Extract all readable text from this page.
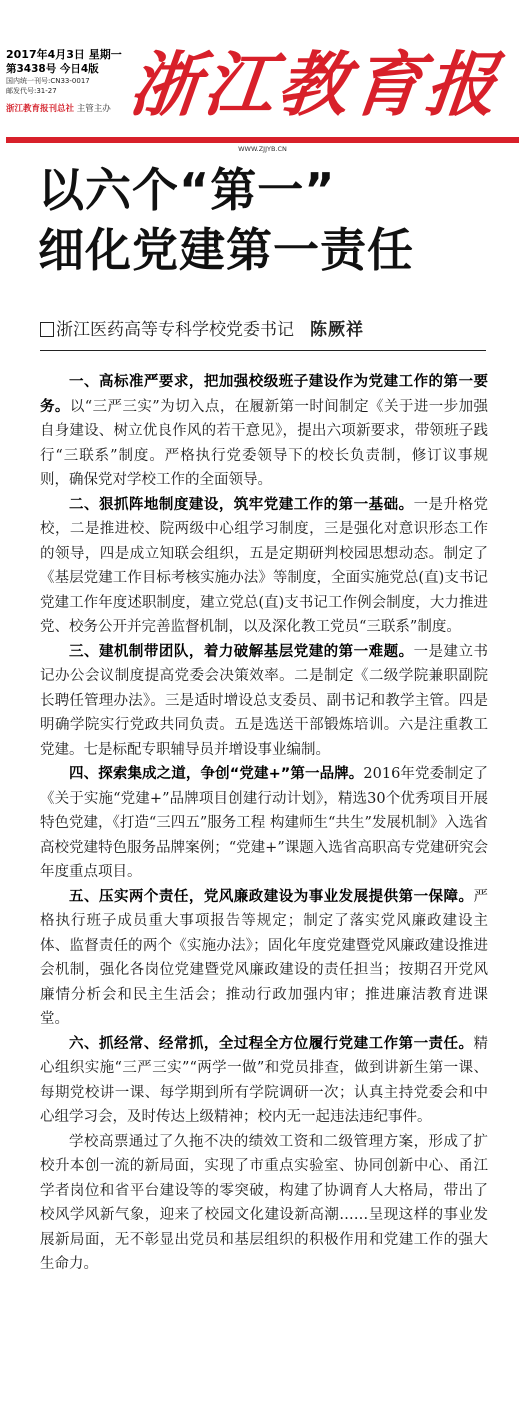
2017年4月3日 星期一
第3438号 今日4版
国内统一刊号:CN33-0017
邮发代号:31-27
浙江教育报刊总社 主管主办 浙江教育报
WWW.ZJJYB.CN
以六个“第一”
细化党建第一责任
浙江医药高等专科学校党委书记 陈厥祥

一、高标准严要求，把加强校级班子建设作为党建工作的第一要务。以“三严三实”为切入点，在履新第一时间制定《关于进一步加强自身建设、树立优良作风的若干意见》，提出六项新要求，带领班子践行“三联系”制度。严格执行党委领导下的校长负责制，修订议事规则，确保党对学校工作的全面领导。

二、狠抓阵地制度建设，筑牢党建工作的第一基础。一是升格党校，二是推进校、院两级中心组学习制度，三是强化对意识形态工作的领导，四是成立知联会组织，五是定期研判校园思想动态。制定了《基层党建工作目标考核实施办法》等制度，全面实施党总(直)支书记党建工作年度述职制度，建立党总(直)支书记工作例会制度，大力推进党、校务公开并完善监督机制，以及深化教工党员“三联系”制度。

三、建机制带团队，着力破解基层党建的第一难题。一是建立书记办公会议制度提高党委会决策效率。二是制定《二级学院兼职副院长聘任管理办法》。三是适时增设总支委员、副书记和教学主管。四是明确学院实行党政共同负责。五是选送干部锻炼培训。六是注重教工党建。七是标配专职辅导员并增设事业编制。

四、探索集成之道，争创“党建+”第一品牌。2016年党委制定了《关于实施“党建+”品牌项目创建行动计划》，精选30个优秀项目开展特色党建，《打造“三四五”服务工程 构建师生“共生”发展机制》入选省高校党建特色服务品牌案例；“党建+”课题入选省高职高专党建研究会年度重点项目。

五、压实两个责任，党风廉政建设为事业发展提供第一保障。严格执行班子成员重大事项报告等规定；制定了落实党风廉政建设主体、监督责任的两个《实施办法》；固化年度党建暨党风廉政建设推进会机制，强化各岗位党建暨党风廉政建设的责任担当；按期召开党风廉情分析会和民主生活会；推动行政加强内审；推进廉洁教育进课堂。

六、抓经常、经常抓，全过程全方位履行党建工作第一责任。精心组织实施“三严三实”“两学一做”和党员排查，做到讲新生第一课、每期党校讲一课、每学期到所有学院调研一次；认真主持党委会和中心组学习会，及时传达上级精神；校内无一起违法违纪事件。

学校高票通过了久拖不决的绩效工资和二级管理方案，形成了扩校升本创一流的新局面，实现了市重点实验室、协同创新中心、甬江学者岗位和省平台建设等的零突破，构建了协调育人大格局，带出了校风学风新气象，迎来了校园文化建设新高潮……呈现这样的事业发展新局面，无不彰显出党员和基层组织的积极作用和党建工作的强大生命力。
